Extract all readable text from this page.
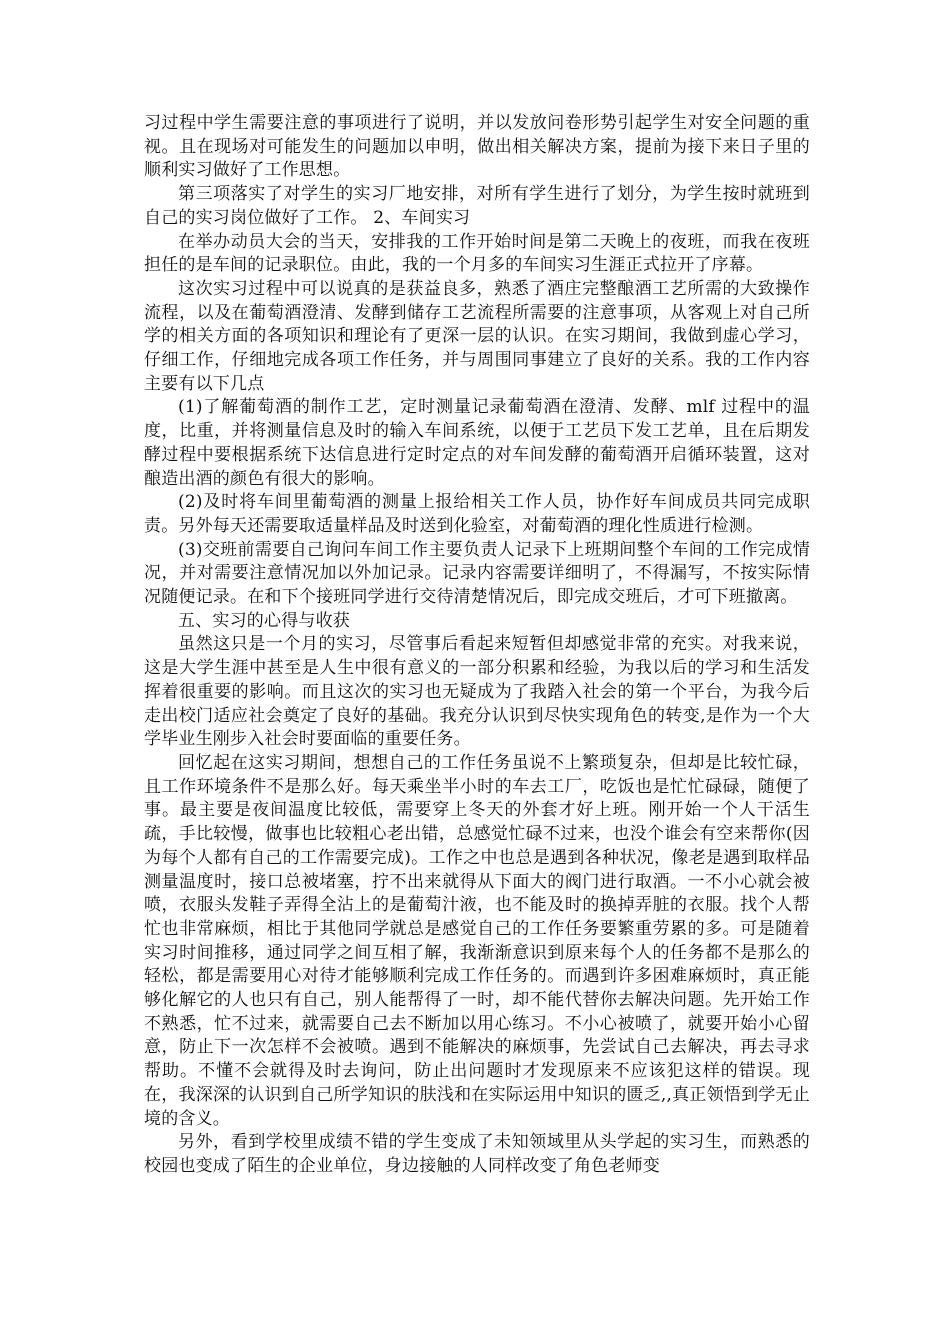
习过程中学生需要注意的事项进行了说明，并以发放问卷形势引起学生对安全问题的重视。且在现场对可能发生的问题加以申明，做出相关解决方案，提前为接下来日子里的顺利实习做好了工作思想。

第三项落实了对学生的实习厂地安排，对所有学生进行了划分，为学生按时就班到自己的实习岗位做好了工作。 2、车间实习

在举办动员大会的当天，安排我的工作开始时间是第二天晚上的夜班，而我在夜班担任的是车间的记录职位。由此，我的一个月多的车间实习生涯正式拉开了序幕。

这次实习过程中可以说真的是获益良多，熟悉了酒庄完整酿酒工艺所需的大致操作流程，以及在葡萄酒澄清、发酵到储存工艺流程所需要的注意事项，从客观上对自己所学的相关方面的各项知识和理论有了更深一层的认识。在实习期间，我做到虚心学习，仔细工作，仔细地完成各项工作任务，并与周围同事建立了良好的关系。我的工作内容主要有以下几点

(1)了解葡萄酒的制作工艺，定时测量记录葡萄酒在澄清、发酵、mlf 过程中的温度，比重，并将测量信息及时的输入车间系统，以便于工艺员下发工艺单，且在后期发酵过程中要根据系统下达信息进行定时定点的对车间发酵的葡萄酒开启循环装置，这对酿造出酒的颜色有很大的影响。

(2)及时将车间里葡萄酒的测量上报给相关工作人员，协作好车间成员共同完成职责。另外每天还需要取适量样品及时送到化验室，对葡萄酒的理化性质进行检测。

(3)交班前需要自己询问车间工作主要负责人记录下上班期间整个车间的工作完成情况，并对需要注意情况加以外加记录。记录内容需要详细明了，不得漏写，不按实际情况随便记录。在和下个接班同学进行交待清楚情况后，即完成交班后，才可下班撤离。

五、实习的心得与收获

虽然这只是一个月的实习，尽管事后看起来短暂但却感觉非常的充实。对我来说，这是大学生涯中甚至是人生中很有意义的一部分积累和经验，为我以后的学习和生活发挥着很重要的影响。而且这次的实习也无疑成为了我踏入社会的第一个平台，为我今后走出校门适应社会奠定了良好的基础。我充分认识到尽快实现角色的转变,是作为一个大学毕业生刚步入社会时要面临的重要任务。

回忆起在这实习期间，想想自己的工作任务虽说不上繁琐复杂，但却是比较忙碌，且工作环境条件不是那么好。每天乘坐半小时的车去工厂，吃饭也是忙忙碌碌，随便了事。最主要是夜间温度比较低，需要穿上冬天的外套才好上班。刚开始一个人干活生疏，手比较慢，做事也比较粗心老出错，总感觉忙碌不过来，也没个谁会有空来帮你(因为每个人都有自己的工作需要完成)。工作之中也总是遇到各种状况，像老是遇到取样品测量温度时，接口总被堵塞，拧不出来就得从下面大的阀门进行取酒。一不小心就会被喷，衣服头发鞋子弄得全沾上的是葡萄汁液，也不能及时的换掉弄脏的衣服。找个人帮忙也非常麻烦，相比于其他同学就总是感觉自己的工作任务要繁重劳累的多。可是随着实习时间推移，通过同学之间互相了解，我渐渐意识到原来每个人的任务都不是那么的轻松，都是需要用心对待才能够顺利完成工作任务的。而遇到许多困难麻烦时，真正能够化解它的人也只有自己，别人能帮得了一时，却不能代替你去解决问题。先开始工作不熟悉，忙不过来，就需要自己去不断加以用心练习。不小心被喷了，就要开始小心留意，防止下一次怎样不会被喷。遇到不能解决的麻烦事，先尝试自己去解决，再去寻求帮助。不懂不会就得及时去询问，防止出问题时才发现原来不应该犯这样的错误。现在，我深深的认识到自己所学知识的肤浅和在实际运用中知识的匮乏,,真正领悟到学无止境的含义。

另外，看到学校里成绩不错的学生变成了未知领域里从头学起的实习生，而熟悉的校园也变成了陌生的企业单位，身边接触的人同样改变了角色老师变
